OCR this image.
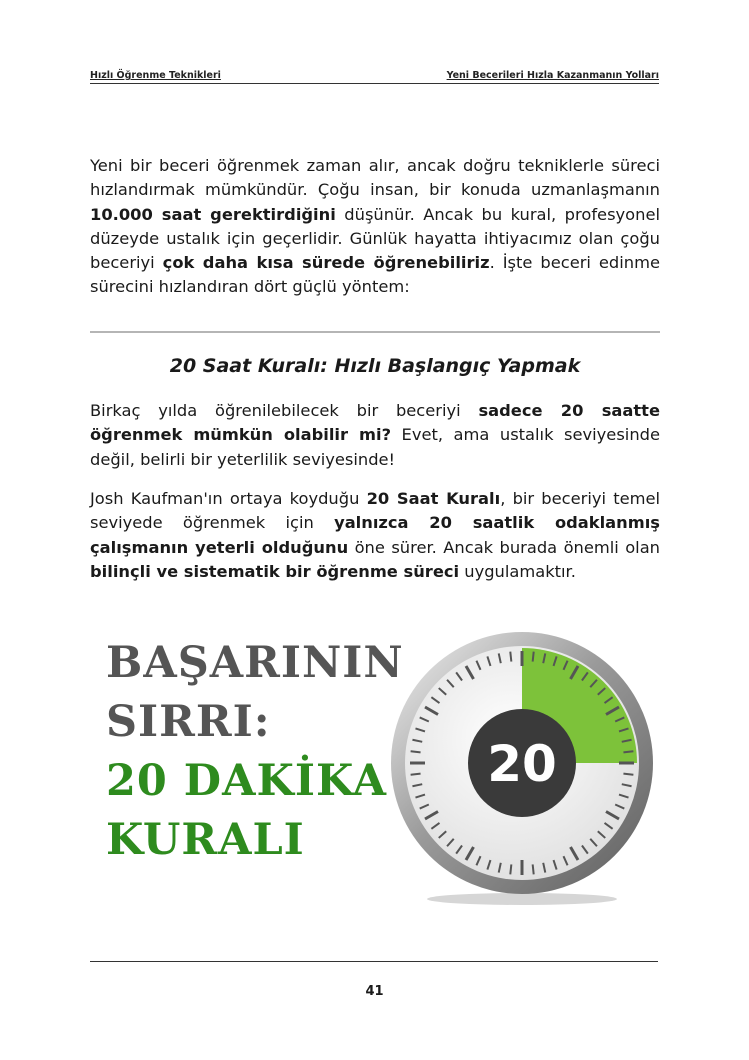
Hızlı Öğrenme Teknikleri	Yeni Becerileri Hızla Kazanmanın Yolları

Yeni bir beceri öğrenmek zaman alır, ancak doğru tekniklerle süreci hızlandırmak mümkündür. Çoğu insan, bir konuda uzmanlaşmanın 10.000 saat gerektirdiğini düşünür. Ancak bu kural, profesyonel düzeyde ustalık için geçerlidir. Günlük hayatta ihtiyacımız olan çoğu beceriyi çok daha kısa sürede öğrenebiliriz. İşte beceri edinme sürecini hızlandıran dört güçlü yöntem:

20 Saat Kuralı: Hızlı Başlangıç Yapmak

Birkaç yılda öğrenilebilecek bir beceriyi sadece 20 saatte öğrenmek mümkün olabilir mi? Evet, ama ustalık seviyesinde değil, belirli bir yeterlilik seviyesinde!

Josh Kaufman'ın ortaya koyduğu 20 Saat Kuralı, bir beceriyi temel seviyede öğrenmek için yalnızca 20 saatlik odaklanmış çalışmanın yeterli olduğunu öne sürer. Ancak burada önemli olan bilinçli ve sistematik bir öğrenme süreci uygulamaktır.

BAŞARININ
SIRRI:
20 DAKİKA
KURALI
20
41
